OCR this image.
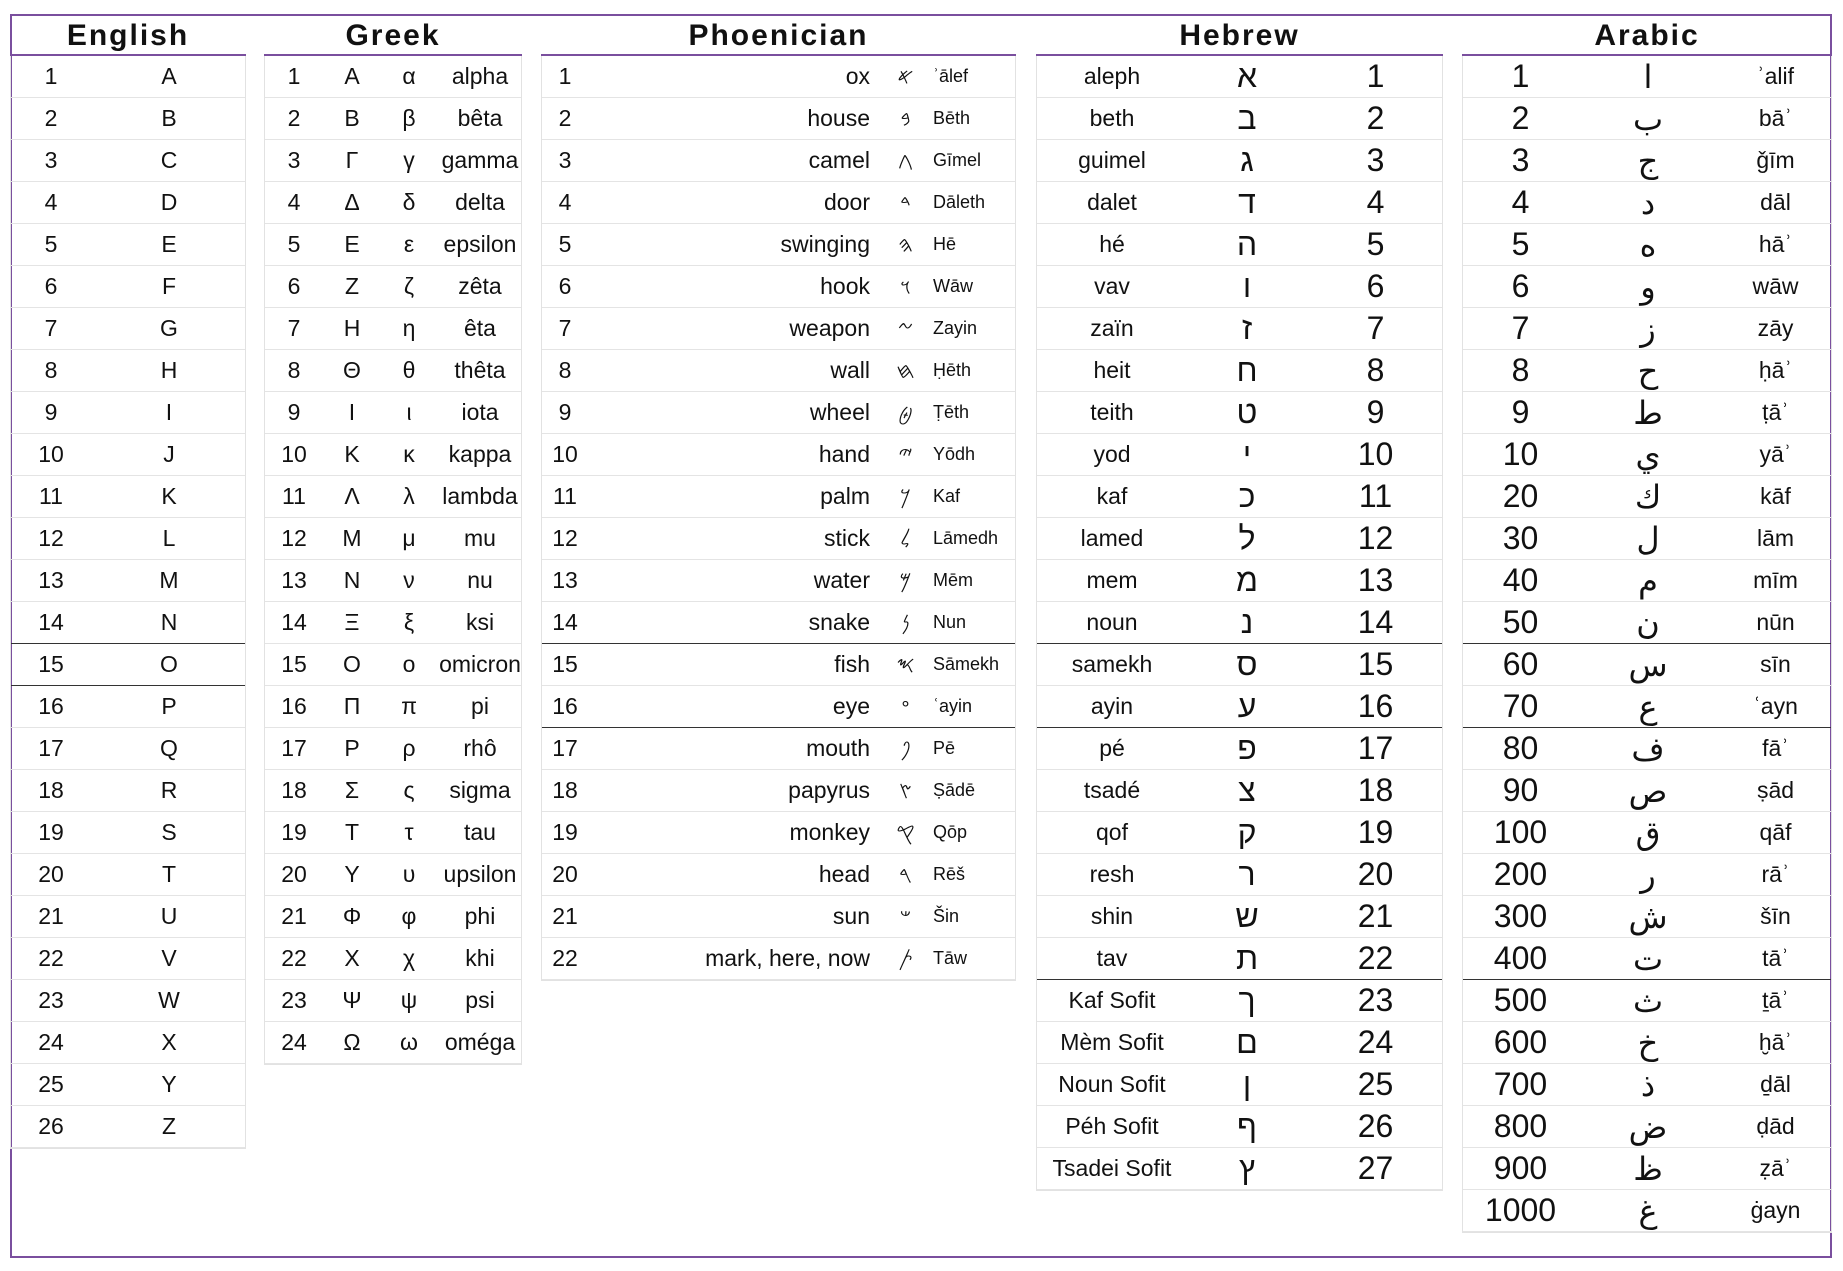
English
1	A
2	B
3	C
4	D
5	E
6	F
7	G
8	H
9	I
10	J
11	K
12	L
13	M
14	N
15	O
16	P
17	Q
18	R
19	S
20	T
21	U
22	V
23	W
24	X
25	Y
26	Z
Greek
1	Α	α	alpha
2	Β	β	bêta
3	Γ	γ	gamma
4	Δ	δ	delta
5	Ε	ε	epsilon
6	Ζ	ζ	zêta
7	Η	η	êta
8	Θ	θ	thêta
9	Ι	ι	iota
10	Κ	κ	kappa
11	Λ	λ	lambda
12	Μ	μ	mu
13	Ν	ν	nu
14	Ξ	ξ	ksi
15	Ο	ο	omicron
16	Π	π	pi
17	Ρ	ρ	rhô
18	Σ	ς	sigma
19	Τ	τ	tau
20	Υ	υ	upsilon
21	Φ	φ	phi
22	Χ	χ	khi
23	Ψ	ψ	psi
24	Ω	ω	oméga
Phoenician
1	ox	𐤀	ʾālef
2	house	𐤁	Bēth
3	camel	𐤂	Gīmel
4	door	𐤃	Dāleth
5	swinging	𐤄	Hē
6	hook	𐤅	Wāw
7	weapon	𐤆	Zayin
8	wall	𐤇	Ḥēth
9	wheel	𐤈	Ṭēth
10	hand	𐤉	Yōdh
11	palm	𐤊	Kaf
12	stick	𐤋	Lāmedh
13	water	𐤌	Mēm
14	snake	𐤍	Nun
15	fish	𐤎	Sāmekh
16	eye	𐤏	ʿayin
17	mouth	𐤐	Pē
18	papyrus	𐤑	Ṣādē
19	monkey	𐤒	Qōp
20	head	𐤓	Rēš
21	sun	𐤔	Šin
22	mark, here, now	𐤕	Tāw
Hebrew
aleph	א	1
beth	ב	2
guimel	ג	3
dalet	ד	4
hé	ה	5
vav	ו	6
zaïn	ז	7
heit	ח	8
teith	ט	9
yod	י	10
kaf	כ	11
lamed	ל	12
mem	מ	13
noun	נ	14
samekh	ס	15
ayin	ע	16
pé	פ	17
tsadé	צ	18
qof	ק	19
resh	ר	20
shin	ש	21
tav	ת	22
Kaf Sofit	ך	23
Mèm Sofit	ם	24
Noun Sofit	ן	25
Péh Sofit	ף	26
Tsadei Sofit	ץ	27
Arabic
1	ا	ʾalif
2	ب	bāʾ
3	ج	ǧīm
4	د	dāl
5	ه	hāʾ
6	و	wāw
7	ز	zāy
8	ح	ḥāʾ
9	ط	ṭāʾ
10	ي	yāʾ
20	ك	kāf
30	ل	lām
40	م	mīm
50	ن	nūn
60	س	sīn
70	ع	ʿayn
80	ف	fāʾ
90	ص	ṣād
100	ق	qāf
200	ر	rāʾ
300	ش	šīn
400	ت	tāʾ
500	ث	ṯāʾ
600	خ	ḫāʾ
700	ذ	ḏāl
800	ض	ḍād
900	ظ	ẓāʾ
1000	غ	ġayn
